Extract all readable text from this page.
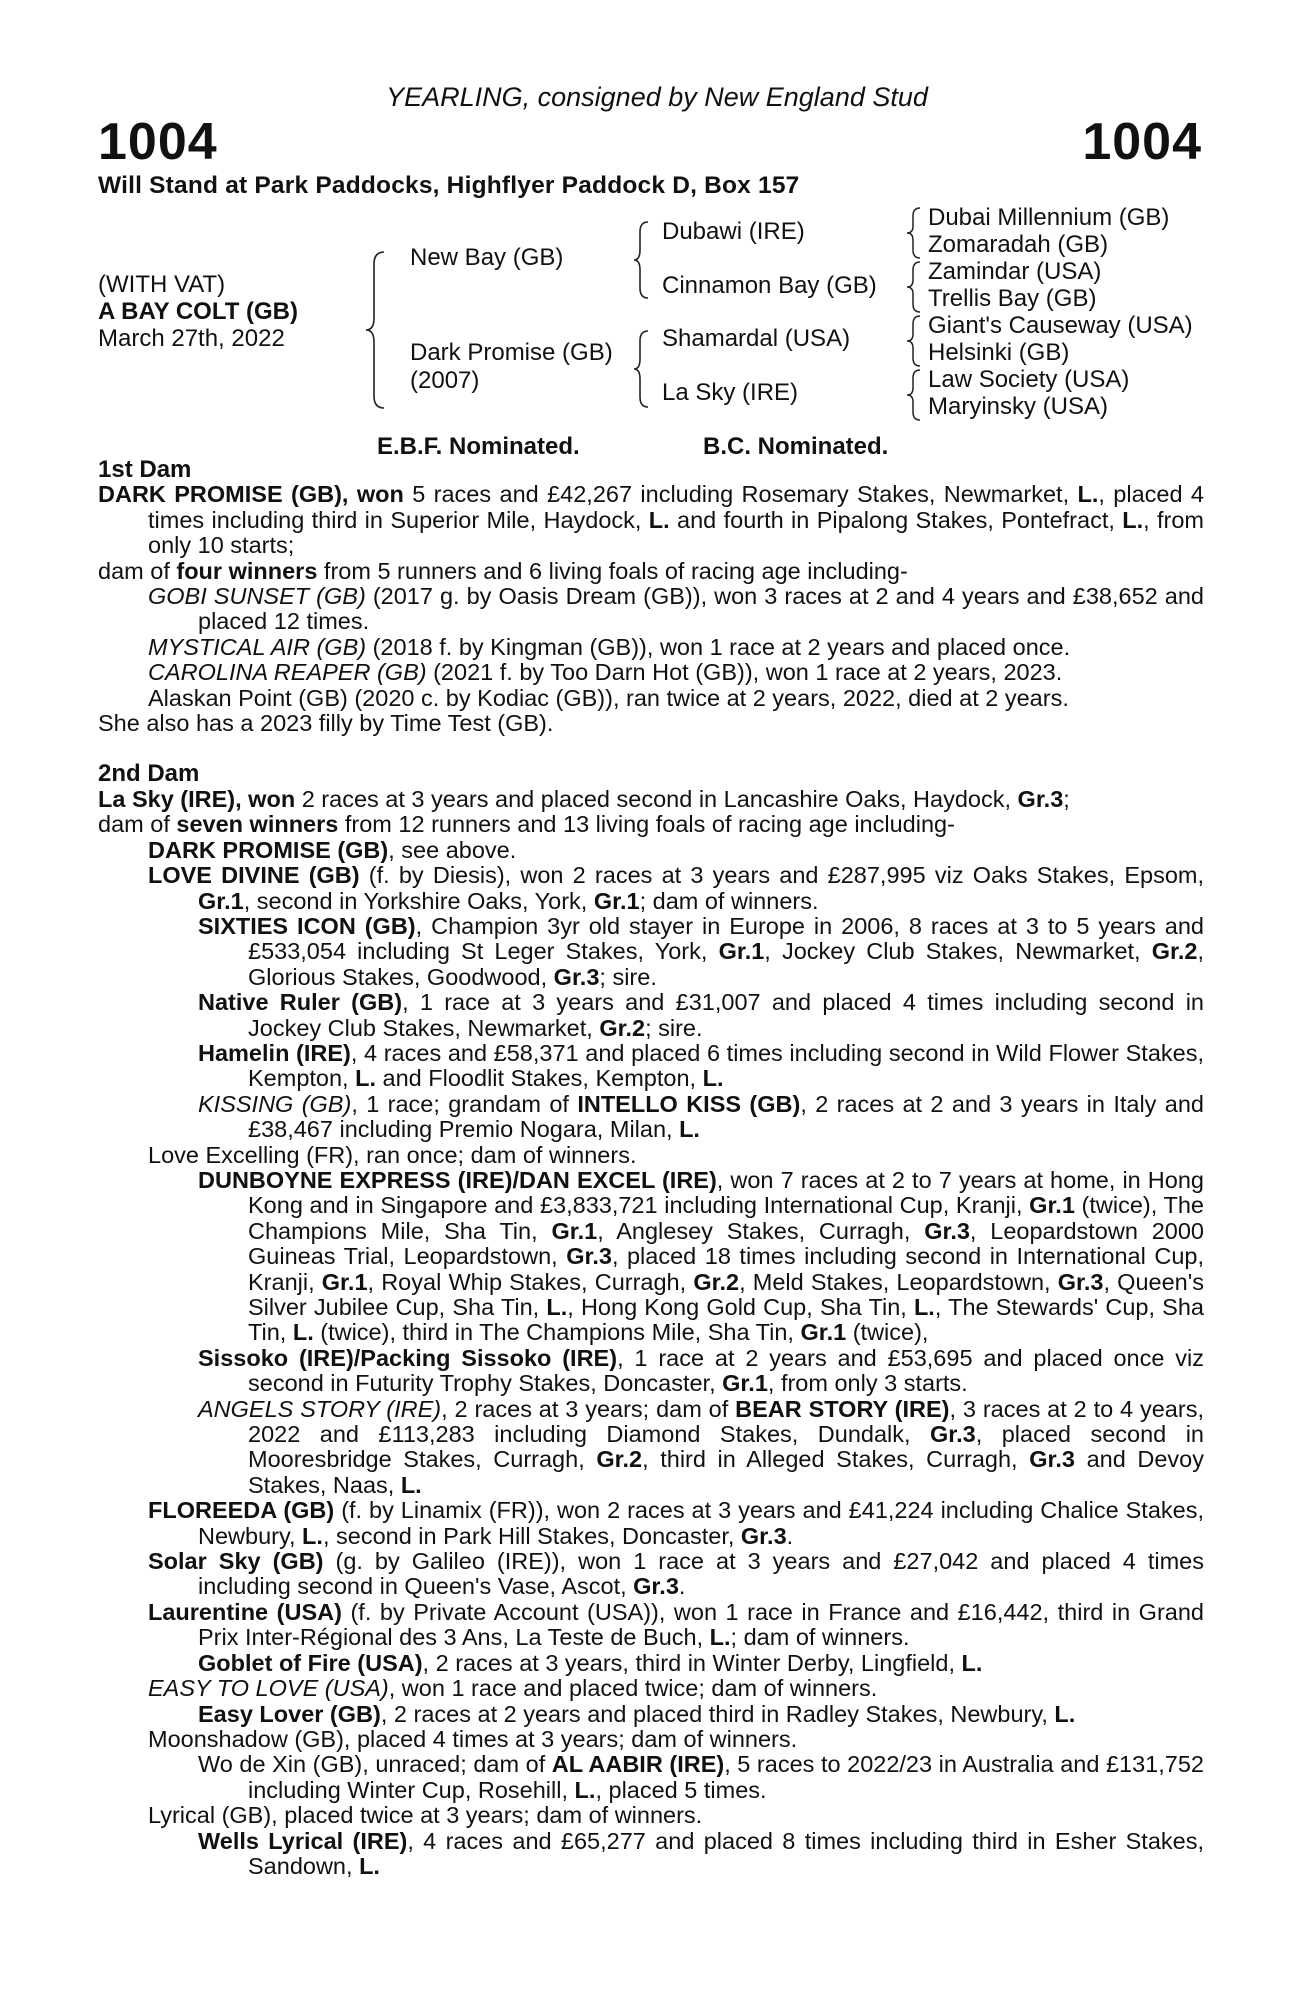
YEARLING, consigned by New England Stud
1004	1004
Will Stand at Park Paddocks, Highflyer Paddock D, Box 157
(WITH VAT)
A BAY COLT (GB)
March 27th, 2022
New Bay (GB)
Dark Promise (GB)
(2007)
Dubawi (IRE)
Cinnamon Bay (GB)
Shamardal (USA)
La Sky (IRE)
Dubai Millennium (GB)
Zomaradah (GB)
Zamindar (USA)
Trellis Bay (GB)
Giant's Causeway (USA)
Helsinki (GB)
Law Society (USA)
Maryinsky (USA)
E.B.F. Nominated.	B.C. Nominated.

1st Dam

DARK PROMISE (GB), won 5 races and £42,267 including Rosemary Stakes, Newmarket, L., placed 4 times including third in Superior Mile, Haydock, L. and fourth in Pipalong Stakes, Pontefract, L., from only 10 starts;

dam of four winners from 5 runners and 6 living foals of racing age including-

GOBI SUNSET (GB) (2017 g. by Oasis Dream (GB)), won 3 races at 2 and 4 years and £38,652 and placed 12 times.

MYSTICAL AIR (GB) (2018 f. by Kingman (GB)), won 1 race at 2 years and placed once.

CAROLINA REAPER (GB) (2021 f. by Too Darn Hot (GB)), won 1 race at 2 years, 2023.

Alaskan Point (GB) (2020 c. by Kodiac (GB)), ran twice at 2 years, 2022, died at 2 years.

She also has a 2023 filly by Time Test (GB).

2nd Dam

La Sky (IRE), won 2 races at 3 years and placed second in Lancashire Oaks, Haydock, Gr.3;

dam of seven winners from 12 runners and 13 living foals of racing age including-

DARK PROMISE (GB), see above.

LOVE DIVINE (GB) (f. by Diesis), won 2 races at 3 years and £287,995 viz Oaks Stakes, Epsom, Gr.1, second in Yorkshire Oaks, York, Gr.1; dam of winners.

SIXTIES ICON (GB), Champion 3yr old stayer in Europe in 2006, 8 races at 3 to 5 years and £533,054 including St Leger Stakes, York, Gr.1, Jockey Club Stakes, Newmarket, Gr.2, Glorious Stakes, Goodwood, Gr.3; sire.

Native Ruler (GB), 1 race at 3 years and £31,007 and placed 4 times including second in Jockey Club Stakes, Newmarket, Gr.2; sire.

Hamelin (IRE), 4 races and £58,371 and placed 6 times including second in Wild Flower Stakes, Kempton, L. and Floodlit Stakes, Kempton, L.

KISSING (GB), 1 race; grandam of INTELLO KISS (GB), 2 races at 2 and 3 years in Italy and £38,467 including Premio Nogara, Milan, L.

Love Excelling (FR), ran once; dam of winners.

DUNBOYNE EXPRESS (IRE)/DAN EXCEL (IRE), won 7 races at 2 to 7 years at home, in Hong Kong and in Singapore and £3,833,721 including International Cup, Kranji, Gr.1 (twice), The Champions Mile, Sha Tin, Gr.1, Anglesey Stakes, Curragh, Gr.3, Leopardstown 2000 Guineas Trial, Leopardstown, Gr.3, placed 18 times including second in International Cup, Kranji, Gr.1, Royal Whip Stakes, Curragh, Gr.2, Meld Stakes, Leopardstown, Gr.3, Queen's Silver Jubilee Cup, Sha Tin, L., Hong Kong Gold Cup, Sha Tin, L., The Stewards' Cup, Sha Tin, L. (twice), third in The Champions Mile, Sha Tin, Gr.1 (twice),

Sissoko (IRE)/Packing Sissoko (IRE), 1 race at 2 years and £53,695 and placed once viz second in Futurity Trophy Stakes, Doncaster, Gr.1, from only 3 starts.

ANGELS STORY (IRE), 2 races at 3 years; dam of BEAR STORY (IRE), 3 races at 2 to 4 years, 2022 and £113,283 including Diamond Stakes, Dundalk, Gr.3, placed second in Mooresbridge Stakes, Curragh, Gr.2, third in Alleged Stakes, Curragh, Gr.3 and Devoy Stakes, Naas, L.

FLOREEDA (GB) (f. by Linamix (FR)), won 2 races at 3 years and £41,224 including Chalice Stakes, Newbury, L., second in Park Hill Stakes, Doncaster, Gr.3.

Solar Sky (GB) (g. by Galileo (IRE)), won 1 race at 3 years and £27,042 and placed 4 times including second in Queen's Vase, Ascot, Gr.3.

Laurentine (USA) (f. by Private Account (USA)), won 1 race in France and £16,442, third in Grand Prix Inter-Régional des 3 Ans, La Teste de Buch, L.; dam of winners.

Goblet of Fire (USA), 2 races at 3 years, third in Winter Derby, Lingfield, L.

EASY TO LOVE (USA), won 1 race and placed twice; dam of winners.

Easy Lover (GB), 2 races at 2 years and placed third in Radley Stakes, Newbury, L.

Moonshadow (GB), placed 4 times at 3 years; dam of winners.

Wo de Xin (GB), unraced; dam of AL AABIR (IRE), 5 races to 2022/23 in Australia and £131,752 including Winter Cup, Rosehill, L., placed 5 times.

Lyrical (GB), placed twice at 3 years; dam of winners.

Wells Lyrical (IRE), 4 races and £65,277 and placed 8 times including third in Esher Stakes, Sandown, L.
